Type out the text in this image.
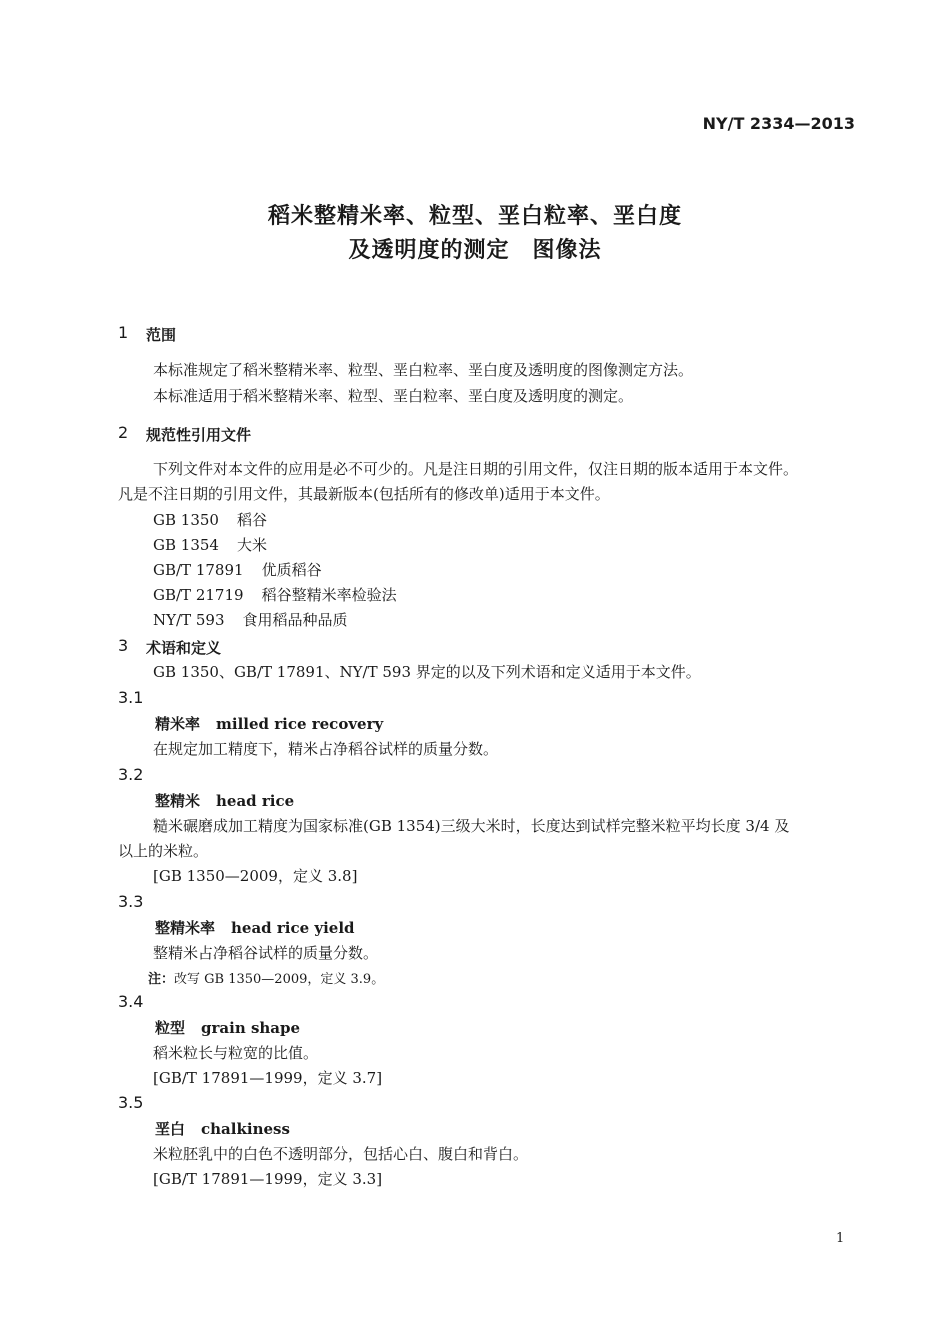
NY/T 2334—2013
稻米整精米率、粒型、垩白粒率、垩白度
及透明度的测定　图像法
1 范围
本标准规定了稻米整精米率、粒型、垩白粒率、垩白度及透明度的图像测定方法。
本标准适用于稻米整精米率、粒型、垩白粒率、垩白度及透明度的测定。
2 规范性引用文件
下列文件对本文件的应用是必不可少的。凡是注日期的引用文件，仅注日期的版本适用于本文件。
凡是不注日期的引用文件，其最新版本(包括所有的修改单)适用于本文件。
GB 1350 稻谷
GB 1354 大米
GB/T 17891 优质稻谷
GB/T 21719 稻谷整精米率检验法
NY/T 593 食用稻品种品质
3 术语和定义
GB 1350、GB/T 17891、NY/T 593 界定的以及下列术语和定义适用于本文件。
3.1
精米率 milled rice recovery
在规定加工精度下，精米占净稻谷试样的质量分数。
3.2
整精米 head rice
糙米碾磨成加工精度为国家标准(GB 1354)三级大米时，长度达到试样完整米粒平均长度 3/4 及
以上的米粒。
[GB 1350—2009，定义 3.8]
3.3
整精米率 head rice yield
整精米占净稻谷试样的质量分数。
注：改写 GB 1350—2009，定义 3.9。
3.4
粒型 grain shape
稻米粒长与粒宽的比值。
[GB/T 17891—1999，定义 3.7]
3.5
垩白 chalkiness
米粒胚乳中的白色不透明部分，包括心白、腹白和背白。
[GB/T 17891—1999，定义 3.3]
1
